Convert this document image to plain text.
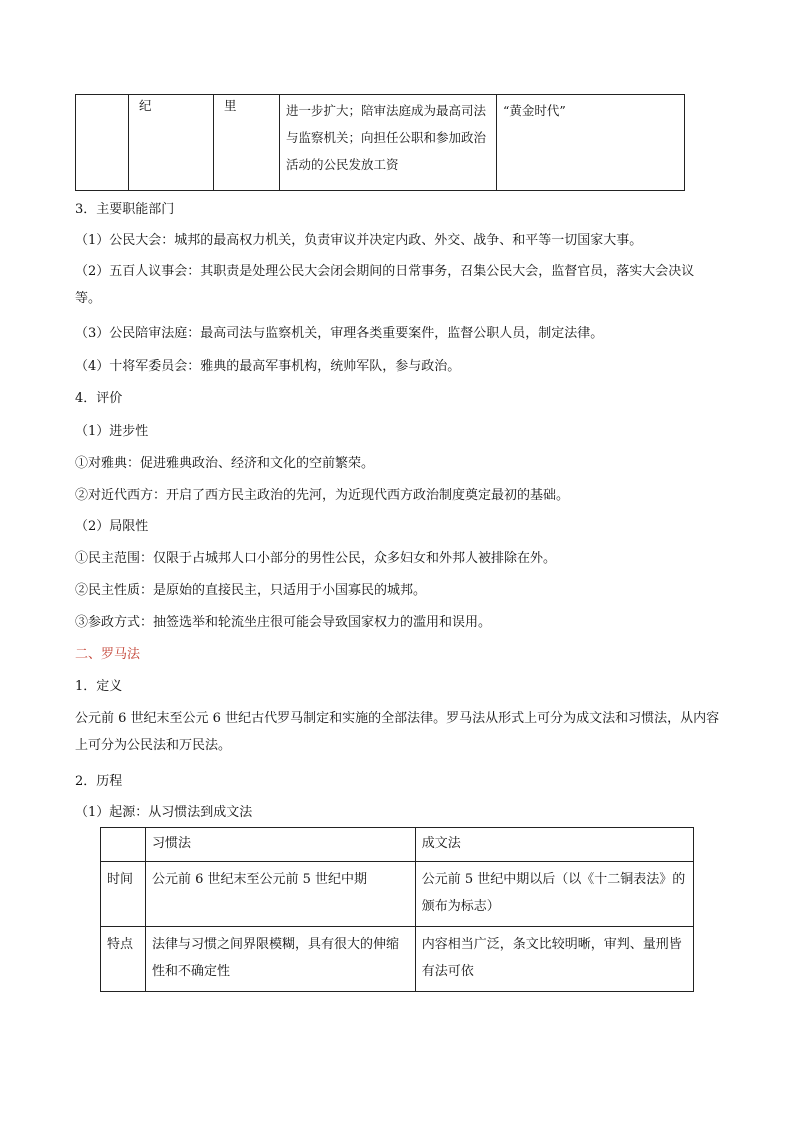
	纪	里	进一步扩大；陪审法庭成为最高司法与监察机关；向担任公职和参加政治活动的公民发放工资	“黄金时代”
3．主要职能部门
（1）公民大会：城邦的最高权力机关，负责审议并决定内政、外交、战争、和平等一切国家大事。
（2）五百人议事会：其职责是处理公民大会闭会期间的日常事务，召集公民大会，监督官员，落实大会决议等。
（3）公民陪审法庭：最高司法与监察机关，审理各类重要案件，监督公职人员，制定法律。
（4）十将军委员会：雅典的最高军事机构，统帅军队，参与政治。
4．评价
（1）进步性
①对雅典：促进雅典政治、经济和文化的空前繁荣。
②对近代西方：开启了西方民主政治的先河，为近现代西方政治制度奠定最初的基础。
（2）局限性
①民主范围：仅限于占城邦人口小部分的男性公民，众多妇女和外邦人被排除在外。
②民主性质：是原始的直接民主，只适用于小国寡民的城邦。
③参政方式：抽签选举和轮流坐庄很可能会导致国家权力的滥用和误用。
二、罗马法
1．定义
公元前 6 世纪末至公元 6 世纪古代罗马制定和实施的全部法律。罗马法从形式上可分为成文法和习惯法，从内容上可分为公民法和万民法。
2．历程
（1）起源：从习惯法到成文法
	习惯法	成文法
时间	公元前 6 世纪末至公元前 5 世纪中期	公元前 5 世纪中期以后（以《十二铜表法》的颁布为标志）
特点	法律与习惯之间界限模糊，具有很大的伸缩性和不确定性	内容相当广泛，条文比较明晰，审判、量刑皆有法可依
